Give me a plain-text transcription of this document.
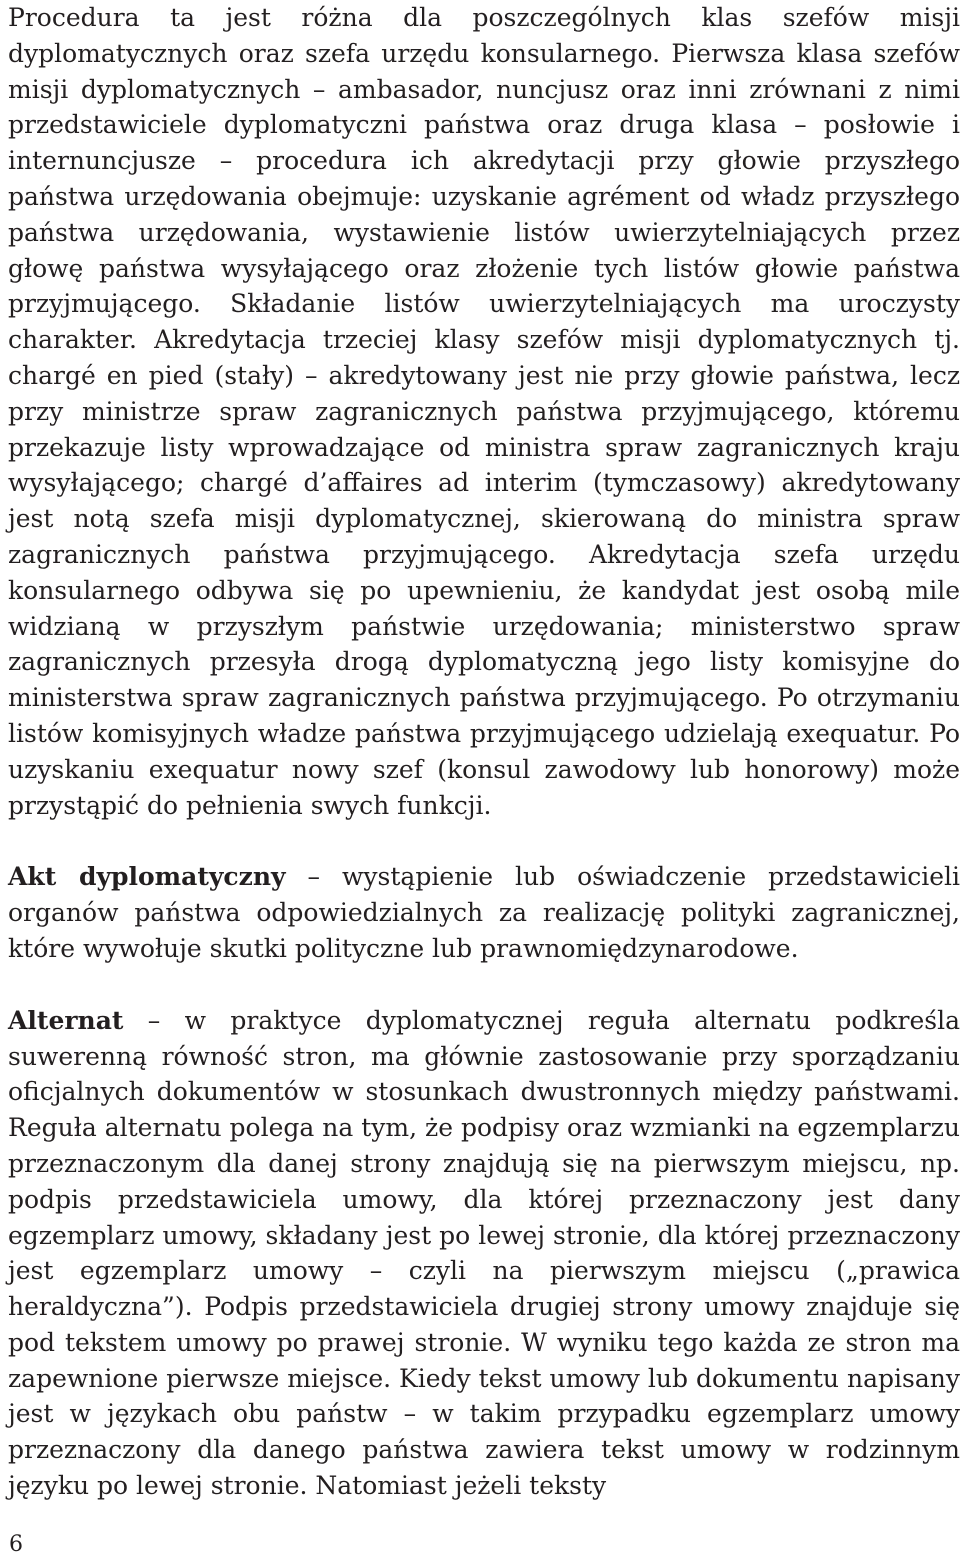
Procedura ta jest różna dla poszczególnych klas szefów misji dyplomatycznych oraz szefa urzędu konsularnego. Pierwsza klasa szefów misji dyplomatycznych – ambasador, nuncjusz oraz inni zrównani z nimi przedstawiciele dyplomatyczni państwa oraz druga klasa – posłowie i internuncjusze – procedura ich akredytacji przy głowie przyszłego państwa urzędowania obejmuje: uzyskanie agrément od władz przyszłego państwa urzędowania, wystawienie listów uwierzytelniających przez głowę państwa wysyłającego oraz złożenie tych listów głowie państwa przyjmującego. Składanie listów uwierzytelniających ma uroczysty charakter. Akredytacja trzeciej klasy szefów misji dyplomatycznych tj. chargé en pied (stały) – akredytowany jest nie przy głowie państwa, lecz przy ministrze spraw zagranicznych państwa przyjmującego, któremu przekazuje listy wprowadzające od ministra spraw zagranicznych kraju wysyłającego; chargé d’affaires ad interim (tymczasowy) akredytowany jest notą szefa misji dyplomatycznej, skierowaną do ministra spraw zagranicznych państwa przyjmującego. Akredytacja szefa urzędu konsularnego odbywa się po upewnieniu, że kandydat jest osobą mile widzianą w przyszłym państwie urzędowania; ministerstwo spraw zagranicznych przesyła drogą dyplomatyczną jego listy komisyjne do ministerstwa spraw zagranicznych państwa przyjmującego. Po otrzymaniu listów komisyjnych władze państwa przyjmującego udzielają exequatur. Po uzyskaniu exequatur nowy szef (konsul zawodowy lub honorowy) może przystąpić do pełnienia swych funkcji.

Akt dyplomatyczny – wystąpienie lub oświadczenie przedstawicieli organów państwa odpowiedzialnych za realizację polityki zagranicznej, które wywołuje skutki polityczne lub prawnomiędzynarodowe.

Alternat – w praktyce dyplomatycznej reguła alternatu podkreśla suwerenną równość stron, ma głównie zastosowanie przy sporządzaniu oficjalnych dokumentów w stosunkach dwustronnych między państwami. Reguła alternatu polega na tym, że podpisy oraz wzmianki na egzemplarzu przeznaczonym dla danej strony znajdują się na pierwszym miejscu, np. podpis przedstawiciela umowy, dla której przeznaczony jest dany egzemplarz umowy, składany jest po lewej stronie, dla której przeznaczony jest egzemplarz umowy – czyli na pierwszym miejscu („prawica heraldyczna”). Podpis przedstawiciela drugiej strony umowy znajduje się pod tekstem umowy po prawej stronie. W wyniku tego każda ze stron ma zapewnione pierwsze miejsce. Kiedy tekst umowy lub dokumentu napisany jest w językach obu państw – w takim przypadku egzemplarz umowy przeznaczony dla danego państwa zawiera tekst umowy w rodzinnym języku po lewej stronie. Natomiast jeżeli teksty

6
